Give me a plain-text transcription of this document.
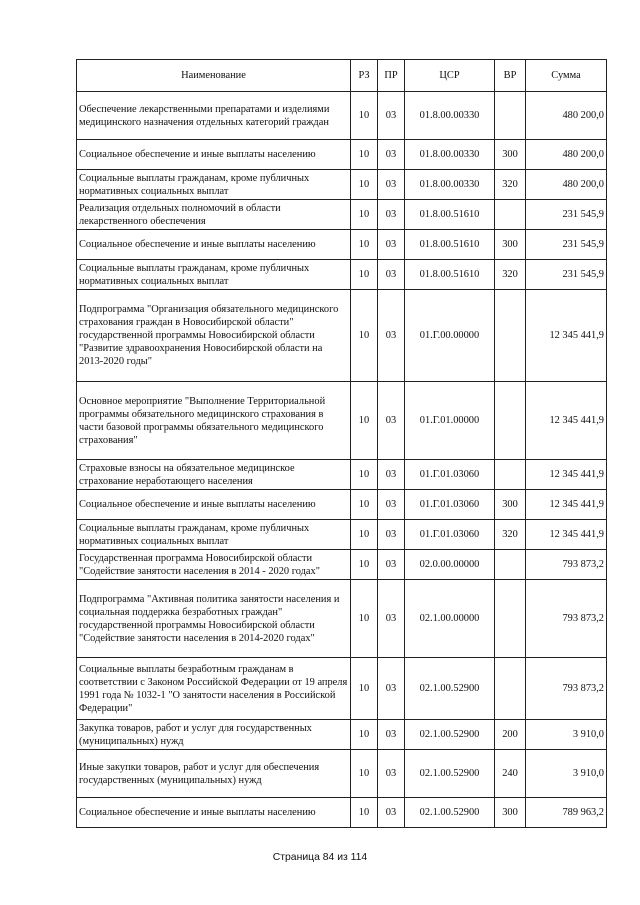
Наименование	РЗ	ПР	ЦСР	ВР	Сумма
Обеспечение лекарственными препаратами и изделиями медицинского назначения отдельных категорий граждан	10	03	01.8.00.00330		480 200,0
Социальное обеспечение и иные выплаты населению	10	03	01.8.00.00330	300	480 200,0
Социальные выплаты гражданам, кроме публичных нормативных социальных выплат	10	03	01.8.00.00330	320	480 200,0
Реализация отдельных полномочий в области лекарственного обеспечения	10	03	01.8.00.51610		231 545,9
Социальное обеспечение и иные выплаты населению	10	03	01.8.00.51610	300	231 545,9
Социальные выплаты гражданам, кроме публичных нормативных социальных выплат	10	03	01.8.00.51610	320	231 545,9
Подпрограмма "Организация обязательного медицинского страхования граждан в Новосибирской области" государственной программы Новосибирской области "Развитие здравоохранения Новосибирской области на 2013-2020 годы"	10	03	01.Г.00.00000		12 345 441,9
Основное мероприятие "Выполнение Территориальной программы обязательного медицинского страхования в части базовой программы обязательного медицинского страхования"	10	03	01.Г.01.00000		12 345 441,9
Страховые взносы на обязательное медицинское страхование неработающего населения	10	03	01.Г.01.03060		12 345 441,9
Социальное обеспечение и иные выплаты населению	10	03	01.Г.01.03060	300	12 345 441,9
Социальные выплаты гражданам, кроме публичных нормативных социальных выплат	10	03	01.Г.01.03060	320	12 345 441,9
Государственная программа Новосибирской области "Содействие занятости населения в 2014 - 2020 годах"	10	03	02.0.00.00000		793 873,2
Подпрограмма "Активная политика занятости населения и социальная поддержка безработных граждан" государственной программы Новосибирской области "Содействие занятости населения в 2014-2020 годах"	10	03	02.1.00.00000		793 873,2
Социальные выплаты безработным гражданам в соответствии с Законом Российской Федерации от 19 апреля 1991 года № 1032-1 "О занятости населения в Российской Федерации"	10	03	02.1.00.52900		793 873,2
Закупка товаров, работ и услуг для государственных (муниципальных) нужд	10	03	02.1.00.52900	200	3 910,0
Иные закупки товаров, работ и услуг для обеспечения государственных (муниципальных) нужд	10	03	02.1.00.52900	240	3 910,0
Социальное обеспечение и иные выплаты населению	10	03	02.1.00.52900	300	789 963,2
Страница 84 из 114
